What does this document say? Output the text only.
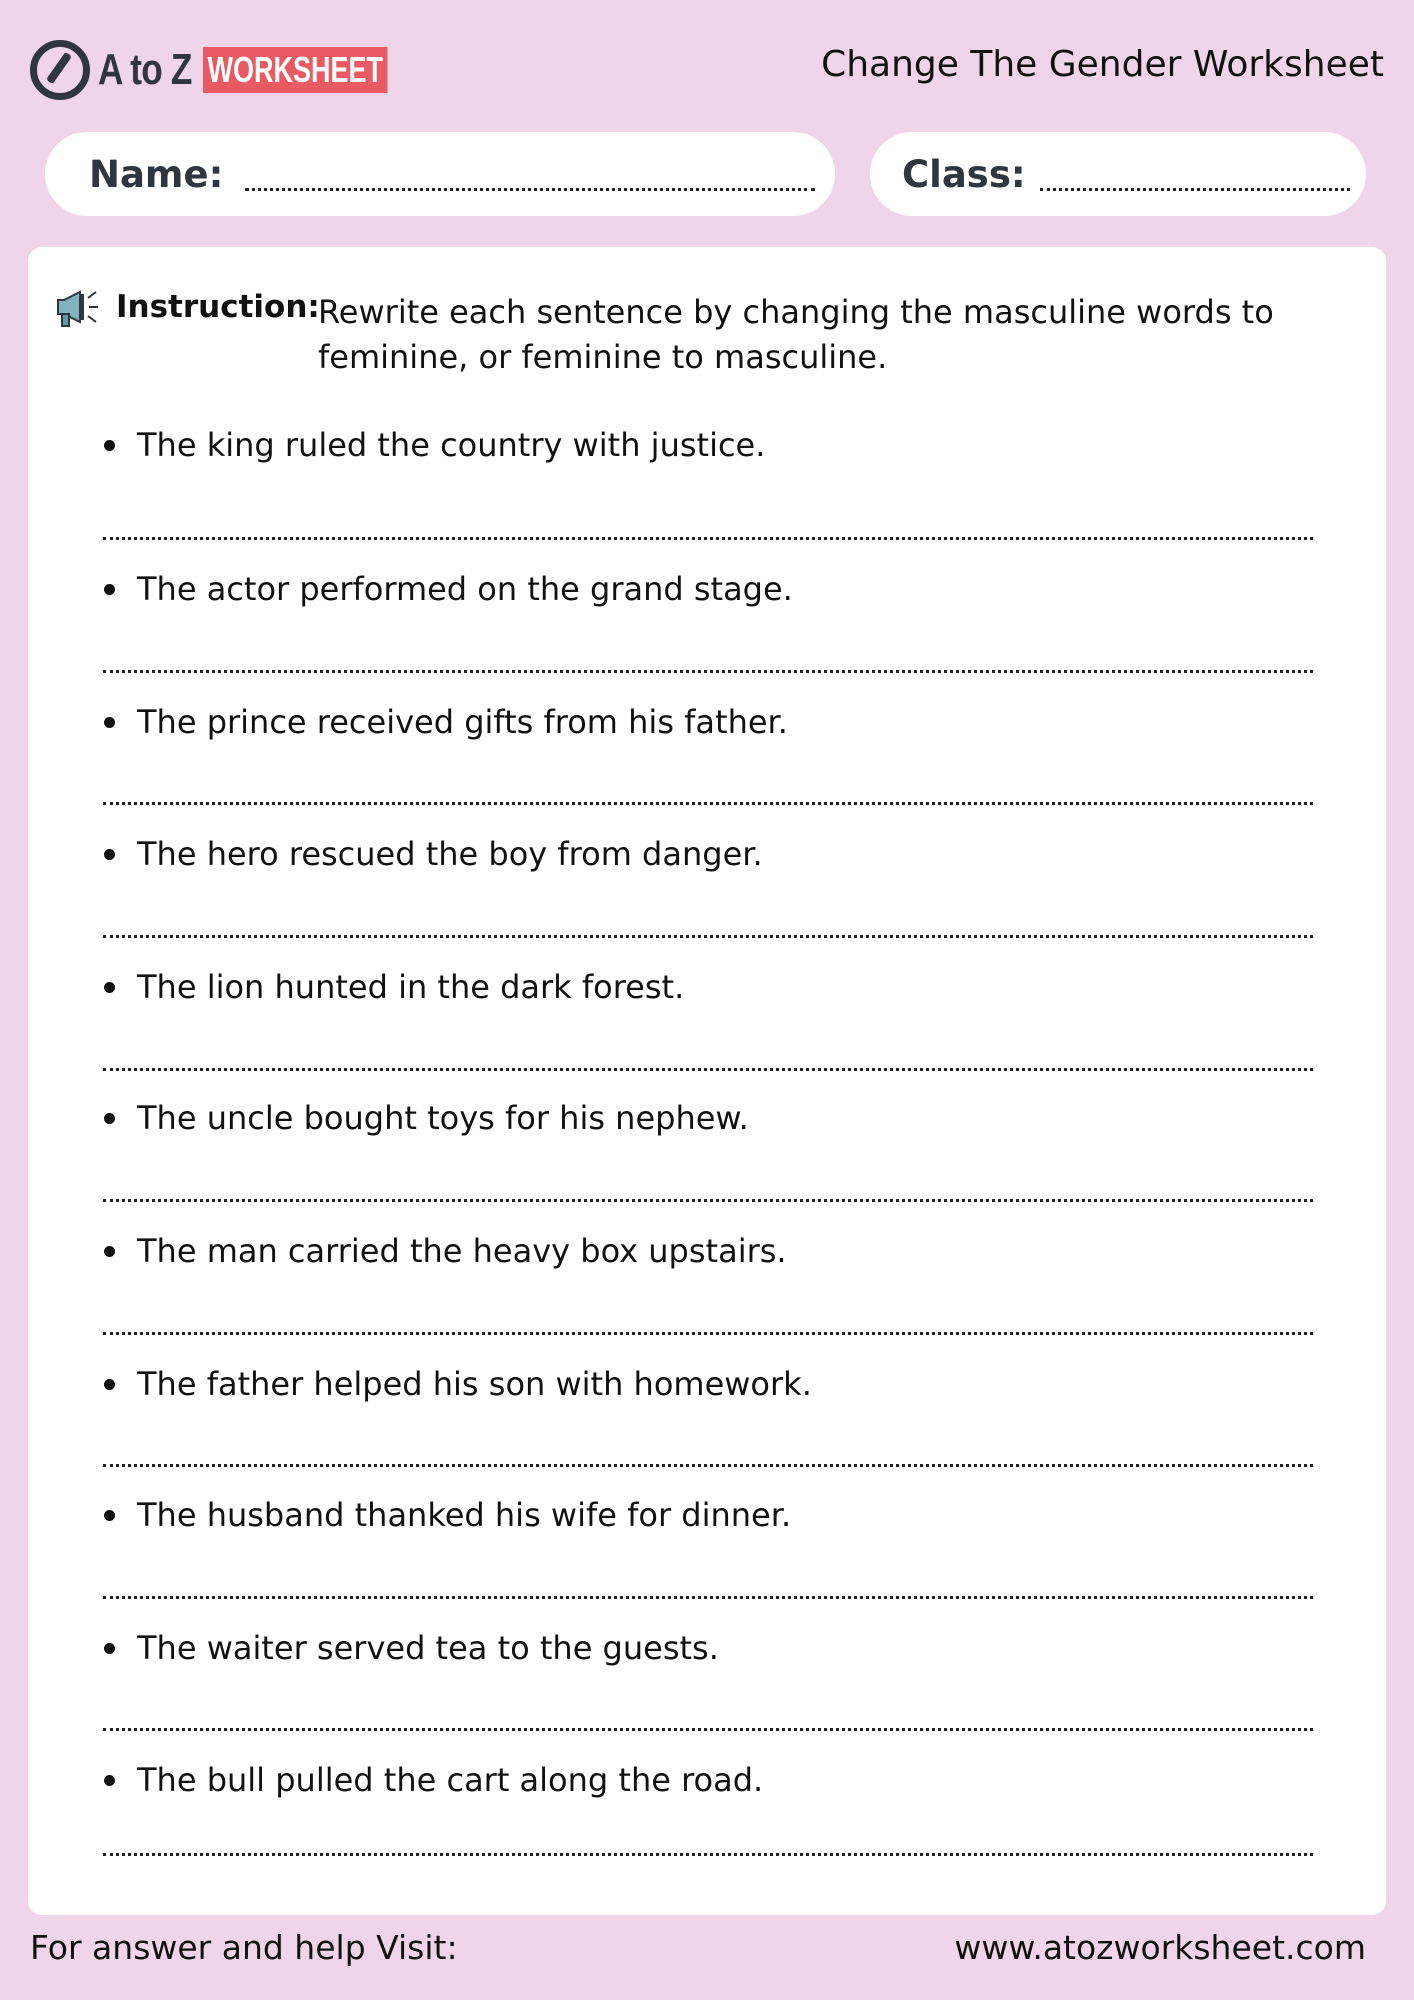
A to Z WORKSHEET	Change The Gender Worksheet
Name:	Class:
Instruction:
Rewrite each sentence by changing the masculine words to feminine, or feminine to masculine.
The king ruled the country with justice.
The actor performed on the grand stage.
The prince received gifts from his father.
The hero rescued the boy from danger.
The lion hunted in the dark forest.
The uncle bought toys for his nephew.
The man carried the heavy box upstairs.
The father helped his son with homework.
The husband thanked his wife for dinner.
The waiter served tea to the guests.
The bull pulled the cart along the road.
For answer and help Visit:	www.atozworksheet.com
